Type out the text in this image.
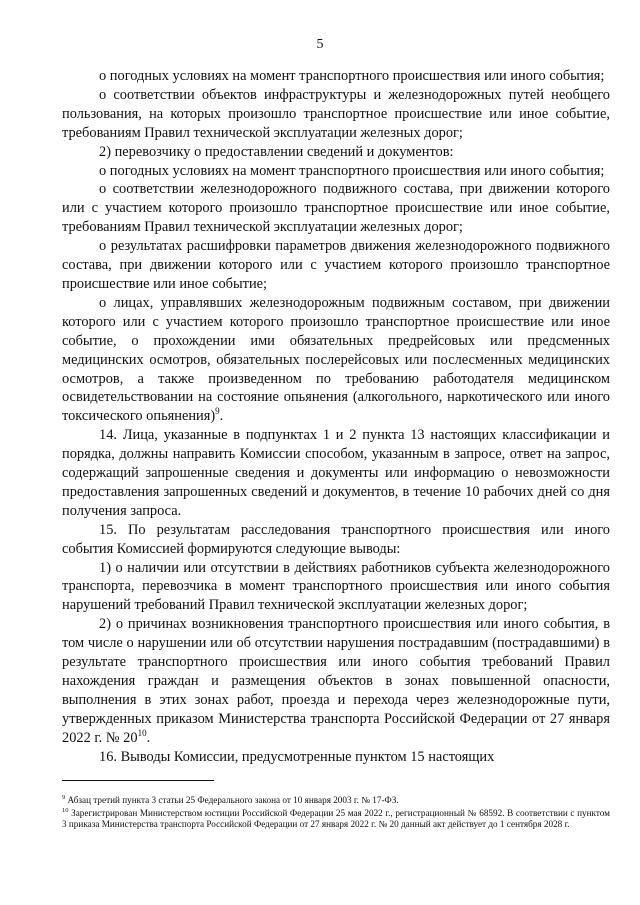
5

о погодных условиях на момент транспортного происшествия или иного события;

о соответствии объектов инфраструктуры и железнодорожных путей необщего пользования, на которых произошло транспортное происшествие или иное событие, требованиям Правил технической эксплуатации железных дорог;

2) перевозчику о предоставлении сведений и документов:

о погодных условиях на момент транспортного происшествия или иного события;

о соответствии железнодорожного подвижного состава, при движении которого или с участием которого произошло транспортное происшествие или иное событие, требованиям Правил технической эксплуатации железных дорог;

о результатах расшифровки параметров движения железнодорожного подвижного состава, при движении которого или с участием которого произошло транспортное происшествие или иное событие;

о лицах, управлявших железнодорожным подвижным составом, при движении которого или с участием которого произошло транспортное происшествие или иное событие, о прохождении ими обязательных предрейсовых или предсменных медицинских осмотров, обязательных послерейсовых или послесменных медицинских осмотров, а также произведенном по требованию работодателя медицинском освидетельствовании на состояние опьянения (алкогольного, наркотического или иного токсического опьянения)$^9$.

14. Лица, указанные в подпунктах 1 и 2 пункта 13 настоящих классификации и порядка, должны направить Комиссии способом, указанным в запросе, ответ на запрос, содержащий запрошенные сведения и документы или информацию о невозможности предоставления запрошенных сведений и документов, в течение 10 рабочих дней со дня получения запроса.

15. По результатам расследования транспортного происшествия или иного события Комиссией формируются следующие выводы:

1) о наличии или отсутствии в действиях работников субъекта железнодорожного транспорта, перевозчика в момент транспортного происшествия или иного события нарушений требований Правил технической эксплуатации железных дорог;

2) о причинах возникновения транспортного происшествия или иного события, в том числе о нарушении или об отсутствии нарушения пострадавшим (пострадавшими) в результате транспортного происшествия или иного события требований Правил нахождения граждан и размещения объектов в зонах повышенной опасности, выполнения в этих зонах работ, проезда и перехода через железнодорожные пути, утвержденных приказом Министерства транспорта Российской Федерации от 27 января 2022 г. № $20^{10}$.

16. Выводы Комиссии, предусмотренные пунктом 15 настоящих

$^9$ Абзац третий пункта 3 статьи 25 Федерального закона от 10 января 2003 г. № 17-ФЗ.

$^{10}$ Зарегистрирован Министерством юстиции Российской Федерации 25 мая 2022 г., регистрационный № 68592. В соответствии с пунктом 3 приказа Министерства транспорта Российской Федерации от 27 января 2022 г. № 20 данный акт действует до 1 сентября 2028 г.
